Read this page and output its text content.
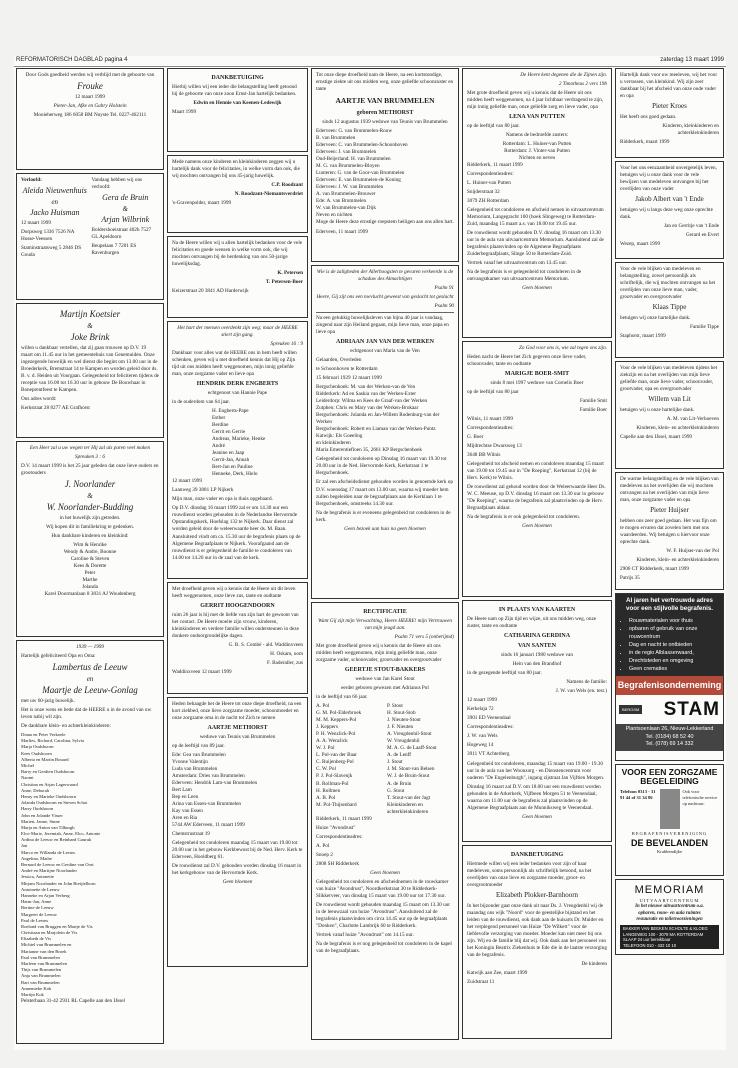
REFORMATORISCH DAGBLAD pagina 4	zaterdag 13 maart 1999

Door Gods goedheid werden wij verblijd met de geboorte van

Frouke

12 maart 1999

Pieter-Jan, Afke en Gabry Holstein

Mooieherweg 186 6058 BM Nuyste Tel. 0227-462111

Verloofd:

Aleida Nieuwenhuis
en
Jacko Huisman

12 maart 1999

Dorpsweg 1336 7526 NA Hosse-Veessen

Staminstraatsweg 5 2846 DS Gouda

Vandaag hebben wij ons verloofd:

Gera de Bruin
&
Arjan Wilbrink

Boldershoeistraat 402b 7527 GL Apeldoorn

Beupelaan 7 7201 ES Ravenburgen

Martijn Koetsier
&
Joke Brink

willen u dankbaar vertellen, dat zij gaan trouwen op D.V. 19 maart om 11.45 uur in het gemeentehuis van Genemuiden. Onze ingezegende huwelijk en wel dienst die begint om 13.00 uur in de Broederkerk, Bremstraat 14 te Kampen en worden geleid door ds. B. v. d. Heiden uit Voorgaan. Gelegenheid tot feliciteren tijdens de receptie van 16.00 tot 16.30 uur in gebouw De Bouwhaar in Boneprentfeest te Kampen.

Ons adres wordt:

Kerkstraat 28 8277 AE Grafhorst

Een Heer zal u uw wegen ter Hij zal als paren veel maken

Spreuken 3 : 6

D.V. 14 maart 1999 is het 25 jaar geleden dat onze lieve ouders en grootouders

J. Noorlander
&
W. Noorlander-Budding

in het huwelijk zijn getreden.

Wij hopen dit in familiekring te gedenken.

Hun dankbare kinderen en kleinkind:

Wim & Henrike
Wendy & Andre, Boonne
Caroline & Steven
Kees & Dorette
Peter
Marthe
Jolanda

Karel Doormanlaan 8 3831 AJ Woudenberg

1939 — 1999

Hartelijk gefeliciteerd Opa en Oma:

Lambertus de Leeuw
en
Maartje de Leeuw-Gonlag

met uw 60-jarig huwelijk.

Het is onze wens en bede dat de HEERE u in de avond van uw leven nabij wil zijn.

De dankbare klein- en achterkleinkinderen:

Diana en Peter Verkoele
Marlies, Richard, Carolina, Sylvia
Marja Oudshoorn
Kees Oudshoorn
Alberta en Martin Bouard
Michel
Barry en Gerdien Oudshoorn
Naomi
Christina en Arjan Lagerwaard
Anne, Deborah
Henry en Marieke Oudshoorn
Jolanda Oudshoorn en Steven Schot
Harry Oudshoorn
John en Jolande Visser
Marten, Janne, Sinne
Marja en Anton van Tilburgh
Elco-Marie, Jeremiah, Anne, Elco, Antonie
Ardina de Leeuw en Reinhard Gauruk
Jan
Marco en Willanda de Leeuw
Angelina, Mathe
Bernard de Leeuw en Gerdine van Oort
André en Martijne Noorlander
Jessica, Antonette
Mirjam Noorlander en John Breijtelhorn
Antoinette de Leeuw
Hanneke en Arjan Verberg
Harm-Jan, Anne
Bertine de Leeuw
Margreet de Leeuw
Paul de Leeuw
Roeland van Bruggen en Martje de Vis
Christiaan en Marjolein de Vis
Elizabeth de Vis
Michiel van Brummelen en
Marianne van den Broek
Paul van Brummelen
Marleen van Brummelen
Thijs van Brummelen
Anja van Brummelen
Bart van Brummelen
Annemieke Kok
Martijn Kok

Pelsterbaan 31-42 2931 RL Capelle aan den IJssel

DANKBETUIGING

Hierbij willen wij een ieder die belangstelling heeft getoond bij de geboorte van onze zoon Ernst-Jan hartelijk bedanken.

Edwin en Hennie van Keenen-Ledewijk

Maart 1999

Mede namens onze kinderen en kleinkinderen zeggen wij u hartelijk dank voor de felicitaties, in welke vorm dan ook, die wij mochten ontvangen bij ons 45-jarig huwelijk.

C.P. Roodzant

N. Roodzant-Niemantsverdriet

's-Gravenpolder, maart 1999

Na de Heere willen wij u allen hartelijk bedanken voor de vele felicitaties en goede wensen in welke vorm ook, die wij mochten ontvangen bij de herdenking van ons 50-jarige huwelijksdag.

K. Petersen

T. Petersen-Boer

Keizerstraat 20 3841 AD Harderwijk

Het hart der mensen overdenkt zijn weg; maar de HEERE stiert zijn gang.

Spreuken 16 : 9

Dankbaar voor alles wat de HEERE ons in hem heeft willen schenken, geven wij u met droefheid kennis dat Hij op Zijn tijd uit ons midden heeft weggenomen, mijn innig geliefde man, onze zorgzame vader en lieve opa

HENDRIK DERK ENGBERTS

echtgenoot van Hannie Pape

in de ouderdom van 64 jaar.

H. Engberts-Pape
Esther
Berdine
Gerrit en Gerrie
Andreas, Marieke, Henke
André
Jeanine en Jaap
Gerrit-Jan, Annah
Bert-Jan en Pauline
Henneke, Derk, Hielo

12 maart 1999

Laanweg 39 3881 LP Nijkerk

Mijn man, onze vader en opa is thuis opgebaard.

Op D.V. dinsdag 16 maart 1999 zal er om 14.30 uur een rouwdienst worden gehouden in de Nederlandse Hervormde Opstandingskerk, Hoefslag 132 te Nijkerk. Daar dienst zal worden geleid door de weleerwaarde heer ds. M. Baan. Aansluitend vindt om ca. 15.30 uur de begrafenis plaats op de Algemene Begraafplaats te Nijkerk. Voorafgaand aan de rouwdienst is er gelegenheid de familie te condoleren van 14.00 tot 14.20 uur in de zaal van de kerk.

Met droefheid geven wij u kennis dat de Heere uit dit leven heeft weggenomen, onze lieve zus, tante en oudtante

GERRIT HOOGENDOORN

ruim 26 jaar is bij met de liefde van zijn hart de gewoont van het contact. De Heere moeite zijn vrouw, kinderen, kleinkinderen en verdere familie willen ondersteunen in deze donkere ondoorgrondelijke dagen.

G. B. S. Combé - ald. Waddinxveen

H. Oskam, oom

F. Baderaller, zus

Waddinxveen 12 maart 1999

Heden behaagde het de Heere tot onze diepe droefheid, na een kort ziekbed, onze lieve zorgzame moeder, schoonmoeder en onze zorgzame oma in de nacht tot Zich te nemen

AARTJE METHORST

weduwe van Teunis van Brummelen

op de leeftijd van 89 jaar.

Ede: Gea van Brummelen
Yvonne Valentijn
Luda van Brummelen
Amsterdam: Dries van Brummelen
Ederveen: Hendrik Lam-van Brummelen
Bert Lam
Bep en Leen
Arina van Essen-van Brummelen
Kay van Essen
Aren en Ria

5744 AW Ederveen, 11 maart 1999

Chemstrustraat 19

Gelegenheid tot condoleren maandag 15 maart van 19.00 tot 20.00 uur in het gebouw Kerkbewust bij de Ned. Herv. Kerk te Ederveen, Hooldberg 61.

De rouwdienst zal D.V. gehouden worden dinsdag 16 maart in het kerkgebouw van de Hervormde Kerk.

Geen bloemen

Tot onze diepe droefheid nam de Heere, na een kortstondige, ernstige ziekte uit ons midden weg, onze geliefde schoonzuster en tante

AARTJE VAN BRUMMELEN
geboren METHORST

sinds 12 augustus 1939 weduwe van Teunis van Brummelen

Ederveen: G. van Brummelen-Rouw
B. van Brummelen
Ederveen: C. van Brummelen-Schoonhoven
Ederveen: J. van Brummelen
Oud-Beijerland: H. van Brummelen
M. G. van Brummelen-Bloyen
Lunteren: G. van de Goor-van Brummelen
Ederveen: E. van Brummelen-de Koning
Ederveen: J. W. van Brummelen
A. van Brummelen-Brouwer
Ede: A. van Brummelen
W. van Brummelen-van Dijk
Neven en nichten

Moge de Heere deze ernstige roepstem heiligen aan ons allen hart.

Ederveen, 11 maart 1999

Wie is de zaligheden der Allerhoogsten te gevaren verkeerde is de schaduw des Almachtigen

Psalm 91

Heere, Gij zijt ons een toevlucht geweest van geslacht tot geslacht

Psalm 90

Na een gelukkig huwelijksleven van bijna 40 jaar is vandaag, zingend naar zijn Heiland gegaan, mijn lieve man, onze papa en lieve opa

ADRIAAN JAN VAN DER WERKEN

echtgenoot van Maria van de Ven

Gelaarden, Overleden

te Schoonhoven te Rotterdam

15 februari 1929 12 maart 1999

Bergschenhoek: M. van der Werken-van de Ven
Ridderkerk: Ad en Saskia van der Werken-Exter
Leiderdorp: Wilma en Kees de Graaf-van der Werken
Zutphen: Chris en Mary van der Werken-Brokaar
Bergschenhoek: Jolanda en Jan-Willem Rodenburg-van der Werken
Bergschenhoek: Robert en Liaman van der Werken-Puntz
Katwijk: Els Goeeling
en kleinkinderen

Maria Emerentiefloen 35, 2661 KP Bergschenhoek

Gelegenheid tot condoleren op Dinsdag 16 maart van 19.30 tot 20.00 uur in de Ned. Hervormde Kerk, Kerkstraat 1 te Bergschenhoek.

Er zal een afscheidsdienst gehouden worden in genoemde kerk op D.V. woensdag 17 maart om 13.00 uur, waarna wij moeder hem zullen begeleiden naar de begraafplaats aan de Kerklaan 1 te Bergschenhoek, omstreeks 14.30 uur.

Na de begrafenis is er eveneens gelegenheid tot condoleren in de kerk.

Geen bezoek aan huis na geen bloemen

RECTIFICATIE

Want Gij zijt mijn Verwachting, Heere HEERE! mijn Vertrouwen van mijn jeugd aan.

Psalm 71 vers 5 (onberijmd)

Met grote droefheid geven wij u kennis dat de Heere uit ons midden heeft weggenomen, mijn innig geliefde man, onze zorgzame vader, schoonvader, grootvader en overgrootvader

GEERTJE STOUT-BAKKERS

weduwe van Jan Karel Stout

eerder geboren gewezen met Adrianus Pol

in de leeftijd van 66 jaar.

A. Pol
G. M. Pol-Elderbroek
M. M. Keppers-Pol
J. Keppers
P. H. Wenzlick-Pol
A. A. Wenzlick
W. J. Pol
L. Pol-van der Baar
C. Ruijenberg-Pol
C. W. Pol
P. J. Pol-Slavenjk
B. Rollman-Pol
H. Rollmen
A. B. Pol
M. Pol-Thijsenbard
P. Stout
H. Stout-Stob
J. Nieuten-Stout
J. F. Nieuten
A. Vreugdenhil-Stout
W. Vreugdenhil
M. A. G. de Laaff-Stout
A. de Lenff
J. Stout
J. M. Stout-van Belsen
W. J. de Bruin-Stout
A. de Bruin
G. Stout
T. Stout-van der Jagt
Kleinkinderen en achterkleinkinderen

Ridderkerk, 11 maart 1999

Huize "Avondrust"

Correspondentieadres:

A. Pol

Snoep 2

2808 SH Ridderkerk

Geen bloemen

Gelegenheid tot condoleren en afscheidnemen in de rouwkamer van huize "Avondrust", Noordkerkstraat 30 te Ridderkerk-Slikkerveer, van dinsdag 15 maart van 19.00 uur tot 17.30 uur.

De rouwdienst wordt gehouden maandag 15 maart om 13.30 uur in de leeuwzaal van huize "Avondrust". Aansluitend zal de begrafenis plaatsvinden om circa 14.45 uur op de begraafplaats "Donken", Charlotte Lambrijk 60 te Ridderkerk.

Vertrek vanaf huize "Avondrust" om 14.15 uur.

Na de begrafenis is er nog gelegenheid tot condoleren in de kapel van de begraafplaats.

De Heere kent degenen die de Zijnen zijn.

2 Timotheus 2 vers 19b

Met grote droefheid geven wij u kennis dat de Heere uit ons midden heeft weggenomen, na 4 jaar lichtbaar verdragend te zijn, mijn innig geliefde man, onze geliefde zorg en lieve vader, opa

LENA VAN PUTTEN

op de leeftijd van 80 jaar.

Namens de bedroefde zusters:

Rotterdam: L. Huiner-van Putten
Rotterdam: J. Vinter-van Putten
Nichten en neven

Ridderkerk, 11 maart 1999

Correspondentieadres:

L. Huiner-van Putten

Snijderstraat 32

3079 ZH Rotterdam

Gelegenheid tot condoleren en afscheid nemen in uitvaartcentrum Memorium, Langegracht 100 (hoek Slingeweg) te Rotterdam-Zuid, maandag 15 maart a.s. van 18.00 tot 19.45 uur.

De rouwdienst wordt gehouden D.V. dinsdag 16 maart om 13.30 uur in de aula van uitvaartcentrum Memorium. Aansluitend zal de begrafenis plaatsvinden op de Algemene Begraafplaats Zuiderbegraafplaats, Slinge 50 te Rotterdam-Zuid.

Vertrek vanaf het uitvaartcentrum om 13.45 uur.

Na de begrafenis is er gelegenheid tot condoleren in de ontvangstkamer van uitvaartcentrum Memorium.

Geen bloemen

Zo God voor ons is, wie zal tegen ons zijn.

Heden nacht de Heere het Zich gegeven onze lieve vader, schoonvader, tante en oudtante

MARIGJE BOER-SMIT

sinds 8 mei 1997 weduwe van Cornelis Boer

op de leeftijd van 80 jaar

Familie Smit

Familie Boer

Wilnis, 11 maart 1999

Correspondentieadres:

G. Boer

Mijdrechtse Dwarsweg 13

3648 BB Wilnis

Gelegenheid tot afscheid nemen en condoleren maandag 15 maart van 19.00 tot 19.45 uur in "De Roeping", Kerkstraat 12 (bij de Herv. Kerk) te Wilnis.

De rouwdienst zal gehoud worden door de Weleerwaarde Heer Ds. W. C. Meeuse, op D.V. dinsdag 16 maart om 13.30 uur in gebouw "De Roeping", waarna de begrafenis zal plaatsvinden op de Herv. Begraafplaats aldaar.

Na de begrafenis is er ook gelegenheid tot condoleren.

Geen bloemen

IN PLAATS VAN KAARTEN

De Heere nam op Zijn tijd en wijze, uit ons midden weg, onze zuster, tante en oudtante

CATHARINA GERDINA
VAN SANTEN

sinds 16 januari 1980 weduwe van

Hein van den Brandhof

in de gezegende leeftijd van 80 jaar.

Namens de familie:

J. W. van Wels (en. test.)

12 maart 1999

Kerkelaja 72

3901 ED Veenendaal

Correspondentieadres:

J. W. van Wels

Hogeweg 14

3911 VT Achterberg

Gelegenheid tot condoleren, maandag 15 maart van 19.00 - 19.30 uur in de aula van het Woonzorg - en Dienstencentrum voor ouderen "De Engelenburgh", ingang zijstraat Jan Vijftien Morgen.

Dinsdag 16 maart zal D.V. om 18.00 uur een rouwdienst worden gehouden in de Arkerkerk, Vijfbeen Morgen 51 te Veenendaal, waarna om 11.00 uur de begrafenis zal plaatsvinden op de Algemene Begraafplaats aan de Munniksweg te Veenendaal.

Geen bloemen

DANKBETUIGING

Hiermede willen wij een ieder bedanken voor zijn of haar medeleven, soms persoonlijk als schriftelijk betoond, na het overlijden van onze lieve en zorgzame moeder, groot- en overgrootmoeder

Elizabeth Plokker-Barnhoorn

In het bijzonder gaat onze dank uit naar Ds. J. Vreugdenhil wij de maandag ons wijk "Noord" voor de geestelijke bijstand en het leiden van de rouwdienst, ook dank aan de huisarts Dr. Mulder en het verplegend personeel van Huize "De Wilkert" voor de liefdevolle verzorging van moeder. Moeder kan niet meer bij ons zijn. Wij en de familie blij dat wij. Ook dank aan het personeel van het Koningin Beatrix Ziekenhuis te Ede die in de laatste verzorging van de begrafenis.

De kinderen

Katwijk aan Zee, maart 1999

Zuidstraat 11

Hartelijk dank voor uw meeleven, wij het voor u verrassen, van kleinkind. Wij zijn zeer dankbaar bij het afscheid van onze oude vader en opa

Pieter Kroes

Het heeft ons goed gedaan.

Kinderen, kleinkinderen en achterkleinkinderen

Ridderkerk, maart 1999

Voor het ons eenzaamheid onvergetelijk leven, betuigen wij u onze dank voor de vele bewijzen van medeleven ontvangen bij het overlijden van onze vader

Jakob Albert van 't Ende

betuigen wij u langs deze weg onze oprechte dank.

Jan en Gerritje van 't Ende

Gerard en Evert

Wezep, maart 1999

Voor de vele blijken van medeleven en belangstelling, zowel persoonlijk als schriftelijk, die wij mochten ontvangen na het overlijden van onze lieve man, vader, grootvader en overgrootvader

Klaas Tippe

betuigen wij onze hartelijke dank.

Familie Tippe

Staphorst, maart 1999

Voor de vele blijken van medeleven tijdens het ziekzijn en na het overlijden van mijn lieve geliefde man, onze lieve vader, schoonvader, grootvader, opa en overgrootvader

Willem van Lit

betuigen wij u onze hartelijke dank.

A. M. van Lit-Verhoeven

Kinderen, klein- en achterkleinkinderen

Capelle aan den IJssel, maart 1999

De warme belangstelling en de vele blijken van medeleven na het overlijden die wij mochten ontvangen na het overlijden van mijn lieve man, onze zorgzame vader en opa

Pieter Huijser

hebben ons zeer goed gedaan. Het was fijn om te mogen ervaren dat zovelen hem met ons waardeerden. Wij betuigen u hiervoor onze oprechte dank.

W. F. Huijser-van der Pol

Kinderen, klein- en achterkleinkinderen

2906 CT Ridderkerk, maart 1999

Patrijs 35

Al jaren het vertrouwde adres voor een stijlvolle begrafenis.
• Rouwmaterialen voor thuis
• opbaren of gebruik van onze rouwcentrum
• Dag en nacht te ontbieden
• in de regio Alblasserwaard,
• Drechtsteden en omgeving
• Geen crematies
Begrafenisonderneming
BERGSM	STAM
Plantsoenlaan 26, Nieuw-Lekkerland
Tel. (0184) 68 52 40
Tel. (078) 69 14 332
VOOR EEN ZORGZAME BEGELEIDING
Telefoon 0313 - 31 91 44 of 31 34 86
Ook voor telefonische service op nachtuur:
BEGRAFENISVERENIGING
DE BEVELANDEN
Krabbendijke
MEMORIAM
UITVAARTCENTRUM
In het nieuwe uitvaartcentrum o.a.
opbaren, rouw- en aula ruimtes
restauratie en toiletvoorzieningen
BAKKER VAN BEEKEN SCHOLTE & KLOEG
LANGEWEG 100 - 3079 MA ROTTERDAM
SLAAP 24 uur bereikbaar
TELEFOON 010 - 432 10 10
